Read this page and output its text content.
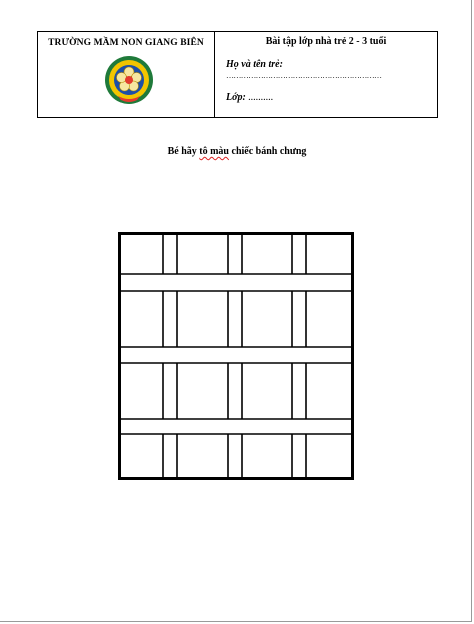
TRƯỜNG MẦM NON GIANG BIÊN	Bài tập lớp nhà trẻ 2 - 3 tuổi
Họ và tên trẻ:
………………………………………………………
Lớp: ..........
Bé hãy tô màu chiếc bánh chưng
